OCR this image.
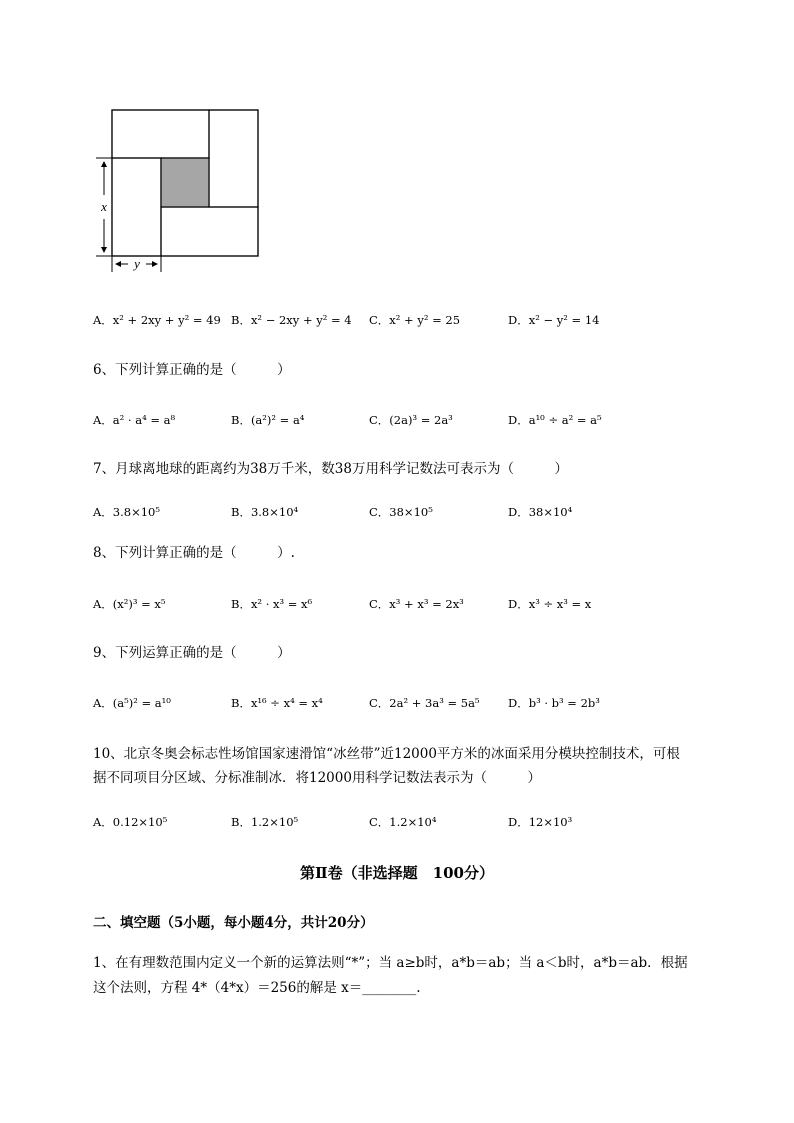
x
y
A．x² + 2xy + y² = 49 B．x² − 2xy + y² = 4 C．x² + y² = 25	D．x² − y² = 14
6、下列计算正确的是（　　　）
A．a² · a⁴ = a⁸	B．(a²)² = a⁴	C．(2a)³ = 2a³	D．a¹⁰ ÷ a² = a⁵
7、月球离地球的距离约为38万千米，数38万用科学记数法可表示为（　　　）
A．3.8×10⁵	B．3.8×10⁴	C．38×10⁵	D．38×10⁴
8、下列计算正确的是（　　　）.
A．(x²)³ = x⁵	B．x² · x³ = x⁶	C．x³ + x³ = 2x³	D．x³ ÷ x³ = x
9、下列运算正确的是（　　　）
A．(a⁵)² = a¹⁰	B．x¹⁶ ÷ x⁴ = x⁴	C．2a² + 3a³ = 5a⁵ D．b³ · b³ = 2b³
10、北京冬奥会标志性场馆国家速滑馆“冰丝带”近12000平方米的冰面采用分模块控制技术，可根
据不同项目分区域、分标准制冰．将12000用科学记数法表示为（　　　）
A．0.12×10⁵	B．1.2×10⁵	C．1.2×10⁴	D．12×10³
第Ⅱ卷（非选择题　100分）
二、填空题（5小题，每小题4分，共计20分）
1、在有理数范围内定义一个新的运算法则“*”；当 a≥b时，a*b＝ab；当 a＜b时，a*b＝ab．根据
这个法则，方程 4*（4*x）＝256的解是 x＝________.
